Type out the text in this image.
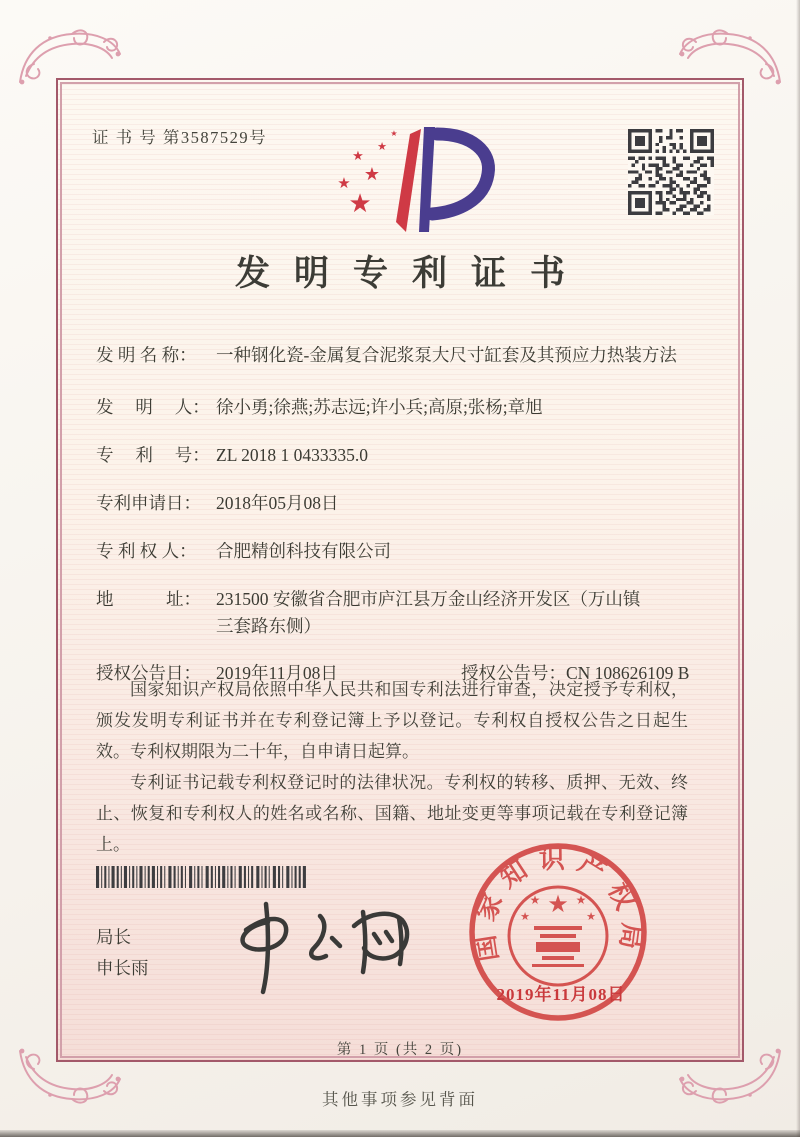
证 书 号 第3587529号
★
★ ★
★
★
★
发明专利证书
发 明 名 称： 一种钢化瓷-金属复合泥浆泵大尺寸缸套及其预应力热装方法
发　 明 　人： 徐小勇;徐燕;苏志远;许小兵;高原;张杨;章旭
专　 利 　号： ZL 2018 1 0433335.0
专利申请日： 2018年05月08日
专 利 权 人： 合肥精创科技有限公司
地　　　址： 231500 安徽省合肥市庐江县万金山经济开发区（万山镇三套路东侧）
授权公告日： 2019年11月08日	授权公告号：CN 108626109 B

国家知识产权局依照中华人民共和国专利法进行审查，决定授予专利权，颁发发明专利证书并在专利登记簿上予以登记。专利权自授权公告之日起生效。专利权期限为二十年，自申请日起算。

专利证书记载专利权登记时的法律状况。专利权的转移、质押、无效、终止、恢复和专利权人的姓名或名称、国籍、地址变更等事项记载在专利登记簿上。

局长
申长雨
国家知识产权局
★
★	★
★	★
2019年11月08日
第 1 页 (共 2 页)
其他事项参见背面
